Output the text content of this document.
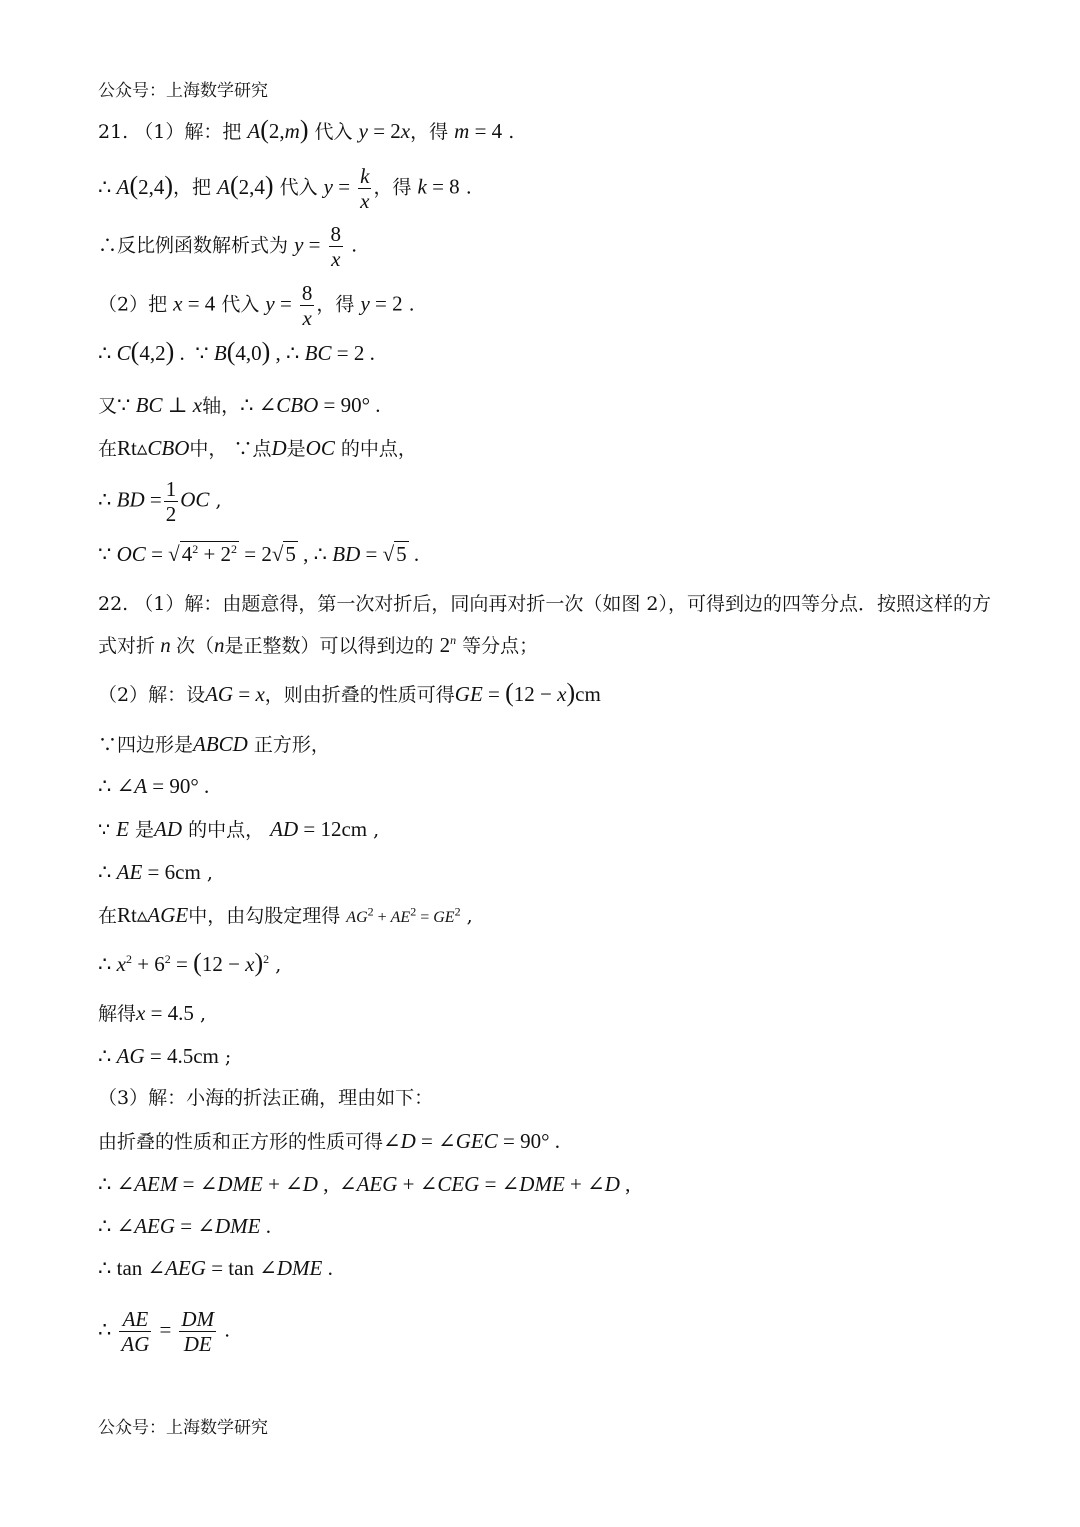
公众号：上海数学研究
21. （1）解：把 A(2,m) 代入 y = 2x，得 m = 4 .
∴ A(2,4)，把 A(2,4) 代入 $y = \frac{k}{x}$ ，得 k = 8 .
∴反比例函数解析式为 $y = \frac{8}{x}$ .
（2）把 x = 4 代入 $y = \frac{8}{x}$ ，得 y = 2 .
∴ C(4,2) .  ∵ B(4,0) , ∴ BC = 2 .
又∵ BC ⊥ x轴，∴ ∠CBO = 90° .
在Rt▵CBO中， ∵点D是OC 的中点，
∴ BD = $\frac{1}{2}$ OC ,
∵ OC = $√4^2 + 2^2 = 2√5$ , ∴ BD = √5 .
22. （1）解：由题意得，第一次对折后，同向再对折一次（如图 2），可得到边的四等分点．按照这样的方
式对折 n 次（n是正整数）可以得到边的 2$^n$ 等分点；
（2）解：设AG = x，则由折叠的性质可得GE = (12 − x)cm
∵四边形是ABCD 正方形，
∴ ∠A = 90° .
∵ E 是AD 的中点， AD = 12cm ,
∴ AE = 6cm ,
在Rt▵AGE中，由勾股定理得 $AG^2 + AE^2 = GE^2$ ,
∴ $x^2 + 6^2 = (12 - x)^2$ ,
解得x = 4.5 ,
∴ AG = 4.5cm ;
（3）解：小海的折法正确，理由如下：
由折叠的性质和正方形的性质可得∠D = ∠GEC = 90° .
∴ ∠AEM = ∠DME + ∠D ,  ∠AEG + ∠CEG = ∠DME + ∠D ,
∴ ∠AEG = ∠DME .
∴ tan ∠AEG = tan ∠DME .
∴ $\frac{AE}{AG} = \frac{DM}{DE}$ .
公众号：上海数学研究
